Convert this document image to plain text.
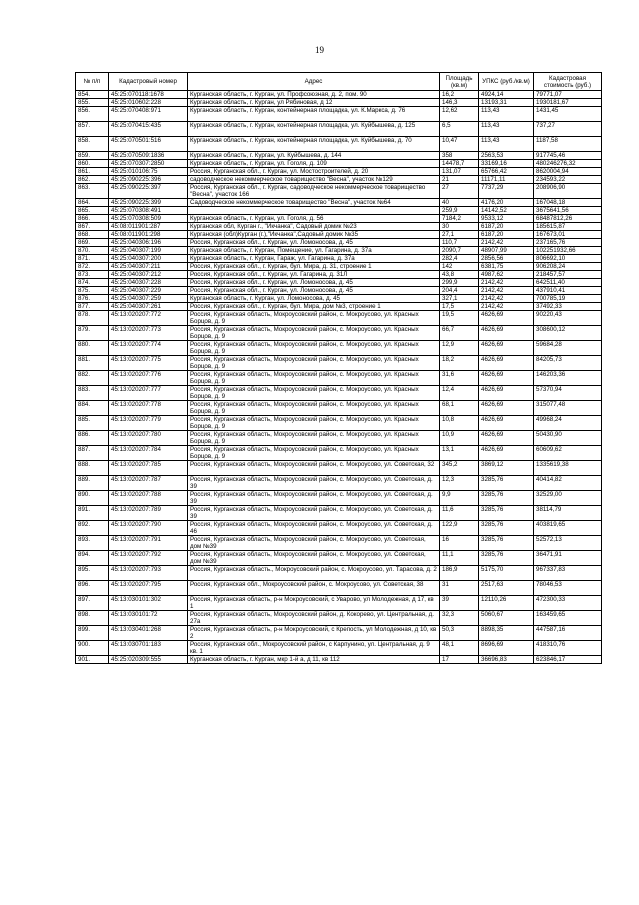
19
№ п/п	Кадастровый номер	Адрес	Площадь (кв.м)	УПКС (руб./кв.м)	Кадастровая стоимость (руб.)
854.	45:25:070118:1678	Курганская область, г. Курган, ул. Профсоюзная, д. 2, пом. 90	16,2	4924,14	79771,07
855.	45:25:010602:228	Курганская область, г. Курган, ул Рябиновая, д 12	146,3	13193,31	1930181,67
856.	45:25:070408:971	Курганская область, г. Курган, контейнерная площадка, ул. К.Маркса, д. 76	12,62	113,43	1431,45
857.	45:25:070415:435	Курганская область, г. Курган, контейнерная площадка, ул. Куйбышева, д. 125	6,5	113,43	737,27
858.	45:25:070501:516	Курганская область, г. Курган, контейнерная площадка, ул. Куйбышева, д. 70	10,47	113,43	1187,58
859.	45:25:070509:1836	Курганская область, г. Курган, ул. Куйбышева, д. 144	358	2563,53	917745,46
860.	45:25:070307:2850	Курганская область, г. Курган, ул. Гоголя, д. 109	14478,7	33169,16	480246276,32
861.	45:25:010106:75	Россия, Курганская обл., г. Курган, ул. Мостостроителей, д. 20	131,07	65766,42	8620004,94
862.	45:25:090225:396	садоводческое некоммерческое товарищество "Весна", участок №129	21	11171,11	234593,22
863.	45:25:090225:397	Россия, Курганская обл., г. Курган, садоводческое некоммерческое товарищество "Весна", участок 166	27	7737,29	208906,90
864.	45:25:090225:399	Садоводческое некоммерческое товарищество "Весна", участок №64	40	4176,20	167048,18
865.	45:25:070308:491		259,9	14142,52	3675641,56
866.	45:25:070308:509	Курганская область, г. Курган, ул. Гоголя, д. 56	7184,2	9533,12	68487812,26
867.	45:08:011901:287	Курганская обл, Курган г., "Икчанка", Садовый домик №23	30	6187,20	185615,87
868.	45:08:011901:298	Курганская (обл)Курган (г.),"Икчанка",Садовый домик №35	27,1	6187,20	167673,01
869.	45:25:040306:196	Россия, Курганская обл., г. Курган, ул. Ломоносова, д. 45	110,7	2142,42	237165,76
870.	45:25:040307:199	Курганская область, г. Курган, Помещение, ул. Гагарина, д. 37а	2090,7	48907,99	102251932,66
871.	45:25:040307:200	Курганская область, г. Курган, Гараж, ул. Гагарина, д. 37а	282,4	2856,56	806692,10
872.	45:25:040307:211	Россия, Курганская обл., г. Курган, бул. Мира, д. 31, строение 1	142	6381,75	906208,24
873.	45:25:040307:212	Россия, Курганская обл., г. Курган, ул. Гагарина, д. 31Л	43,8	4987,62	218457,57
874.	45:25:040307:228	Россия, Курганская обл., г. Курган, ул. Ломоносова, д. 45	299,9	2142,42	642511,40
875.	45:25:040307:229	Россия, Курганская обл., г. Курган, ул. Ломоносова, д. 45	204,4	2142,42	437910,41
876.	45:25:040307:259	Курганская область, г. Курган, ул. Ломоносова, д. 45	327,1	2142,42	700785,19
877.	45:25:040307:261	Россия, Курганская обл., г. Курган, бул. Мира, дом №3, строение 1	17,5	2142,42	37492,33
878.	45:13:020207:772	Россия, Курганская область, Мокроусовский район, с. Мокроусово, ул. Красных Борцов, д. 9	19,5	4626,69	90220,43
879.	45:13:020207:773	Россия, Курганская область, Мокроусовский район, с. Мокроусово, ул. Красных Борцов, д. 9	66,7	4626,69	308600,12
880.	45:13:020207:774	Россия, Курганская область, Мокроусовский район, с. Мокроусово, ул. Красных Борцов, д. 9	12,9	4626,69	59684,28
881.	45:13:020207:775	Россия, Курганская область, Мокроусовский район, с. Мокроусово, ул. Красных Борцов, д. 9	18,2	4626,69	84205,73
882.	45:13:020207:776	Россия, Курганская область, Мокроусовский район, с. Мокроусово, ул. Красных Борцов, д. 9	31,6	4626,69	146203,36
883.	45:13:020207:777	Россия, Курганская область, Мокроусовский район, с. Мокроусово, ул. Красных Борцов, д. 9	12,4	4626,69	57370,94
884.	45:13:020207:778	Россия, Курганская область, Мокроусовский район, с. Мокроусово, ул. Красных Борцов, д. 9	68,1	4626,69	315077,48
885.	45:13:020207:779	Россия, Курганская область, Мокроусовский район, с. Мокроусово, ул. Красных Борцов, д. 9	10,8	4626,69	49968,24
886.	45:13:020207:780	Россия, Курганская область, Мокроусовский район, с. Мокроусово, ул. Красных Борцов, д. 9	10,9	4626,69	50430,90
887.	45:13:020207:784	Россия, Курганская область, Мокроусовский район, с. Мокроусово, ул. Красных Борцов, д. 9	13,1	4626,69	60609,62
888.	45:13:020207:785	Россия, Курганская область, Мокроусовский район, с. Мокроусово, ул. Советская, 32	345,2	3869,12	1335619,38
889.	45:13:020207:787	Россия, Курганская область, Мокроусовский район, с. Мокроусово, ул. Советская, д. 39	12,3	3285,76	40414,82
890.	45:13:020207:788	Россия, Курганская область, Мокроусовский район, с. Мокроусово, ул. Советская, д. 39	9,9	3285,76	32529,00
891.	45:13:020207:789	Россия, Курганская область, Мокроусовский район, с. Мокроусово, ул. Советская, д. 39	11,6	3285,76	38114,79
892.	45:13:020207:790	Россия, Курганская область, Мокроусовский район, с. Мокроусово, ул. Советская, д. 46	122,9	3285,76	403819,65
893.	45:13:020207:791	Россия, Курганская область, Мокроусовский район, с. Мокроусово, ул. Советская, дом №39	16	3285,76	52572,13
894.	45:13:020207:792	Россия, Курганская область, Мокроусовский район, с. Мокроусово, ул. Советская, дом №39	11,1	3285,76	36471,91
895.	45:13:020207:793	Россия, Курганская область., Мокроусовский район, с. Мокроусово, ул. Тарасова, д. 2	186,9	5175,70	967337,83
896.	45:13:020207:795	Россия, Курганская обл., Мокроусовский район, с. Мокроусово, ул. Советская, 38	31	2517,63	78046,53
897.	45:13:030101:302	Россия, Курганская область, р-н Мокроусовский, с Уварово, ул Молодежная, д 17, кв 1	39	12110,26	472300,33
898.	45:13:030101:72	Россия, Курганская область, Мокроусовский район, д. Кокорево, ул. Центральная, д. 27а	32,3	5060,67	163459,65
899.	45:13:030401:268	Россия, Курганская область, р-н Мокроусовский, с Крепость, ул Молодежная, д 10, кв 2	50,3	8898,35	447587,16
900.	45:13:030701:183	Россия, Курганская обл., Мокроусовский район, с Карпунино, ул. Центральная, д. 9 кв. 1	48,1	8696,69	418310,76
901.	45:25:020309:555	Курганская область, г. Курган, мкр 1-й а, д 11, кв 112	17	36696,83	623846,17
